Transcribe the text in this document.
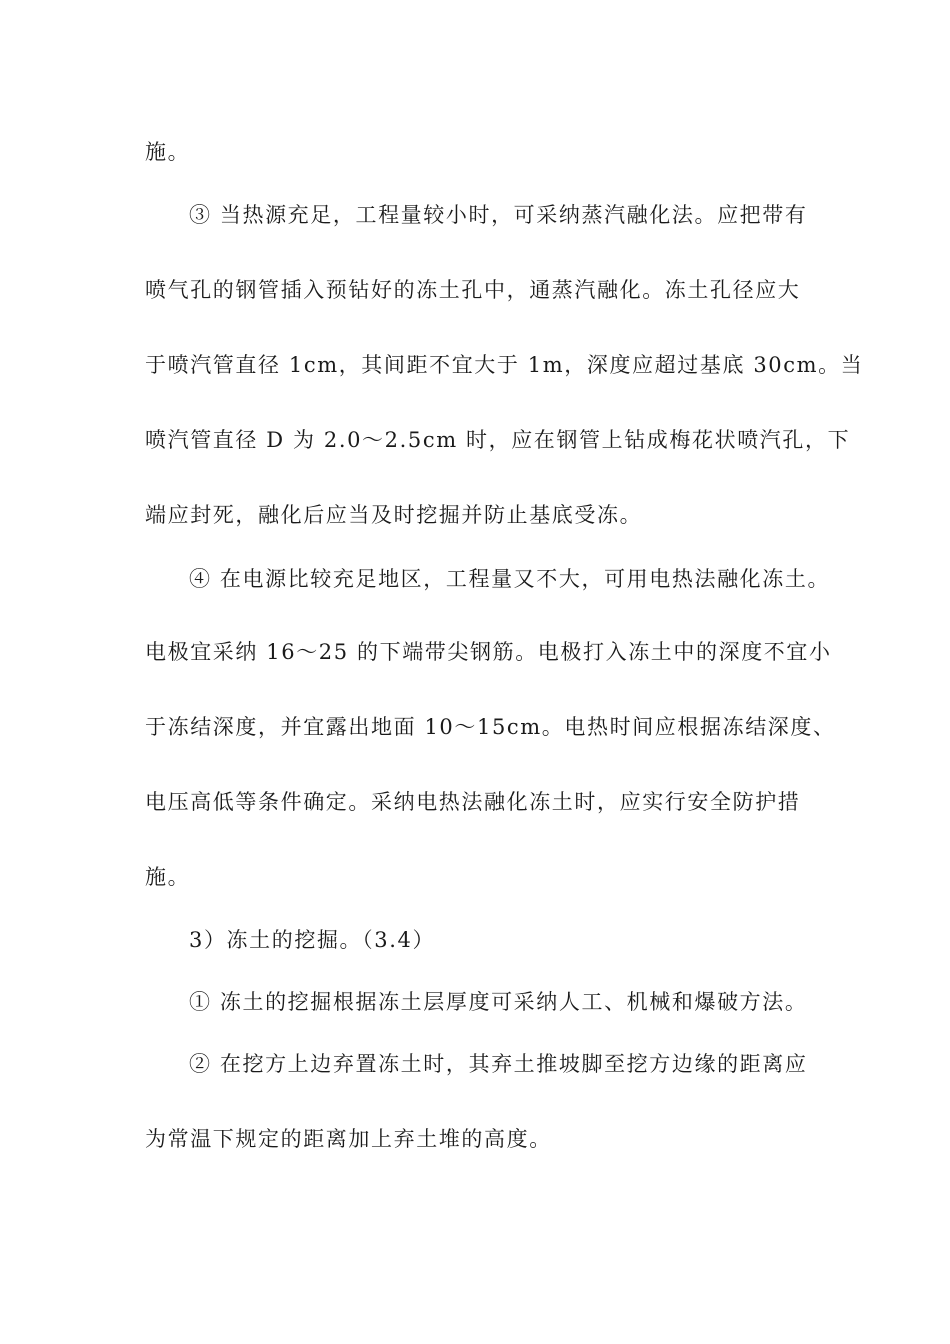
施。
③ 当热源充足，工程量较小时，可采纳蒸汽融化法。应把带有
喷气孔的钢管插入预钻好的冻土孔中，通蒸汽融化。冻土孔径应大
于喷汽管直径 1cm，其间距不宜大于 1m，深度应超过基底 30cm。当
喷汽管直径 D 为 2.0～2.5cm 时，应在钢管上钻成梅花状喷汽孔，下
端应封死，融化后应当及时挖掘并防止基底受冻。
④ 在电源比较充足地区，工程量又不大，可用电热法融化冻土。
电极宜采纳 16～25 的下端带尖钢筋。电极打入冻土中的深度不宜小
于冻结深度，并宜露出地面 10～15cm。电热时间应根据冻结深度、
电压高低等条件确定。采纳电热法融化冻土时，应实行安全防护措
施。
3）冻土的挖掘。（3.4）
① 冻土的挖掘根据冻土层厚度可采纳人工、机械和爆破方法。
② 在挖方上边弃置冻土时，其弃土推坡脚至挖方边缘的距离应
为常温下规定的距离加上弃土堆的高度。
